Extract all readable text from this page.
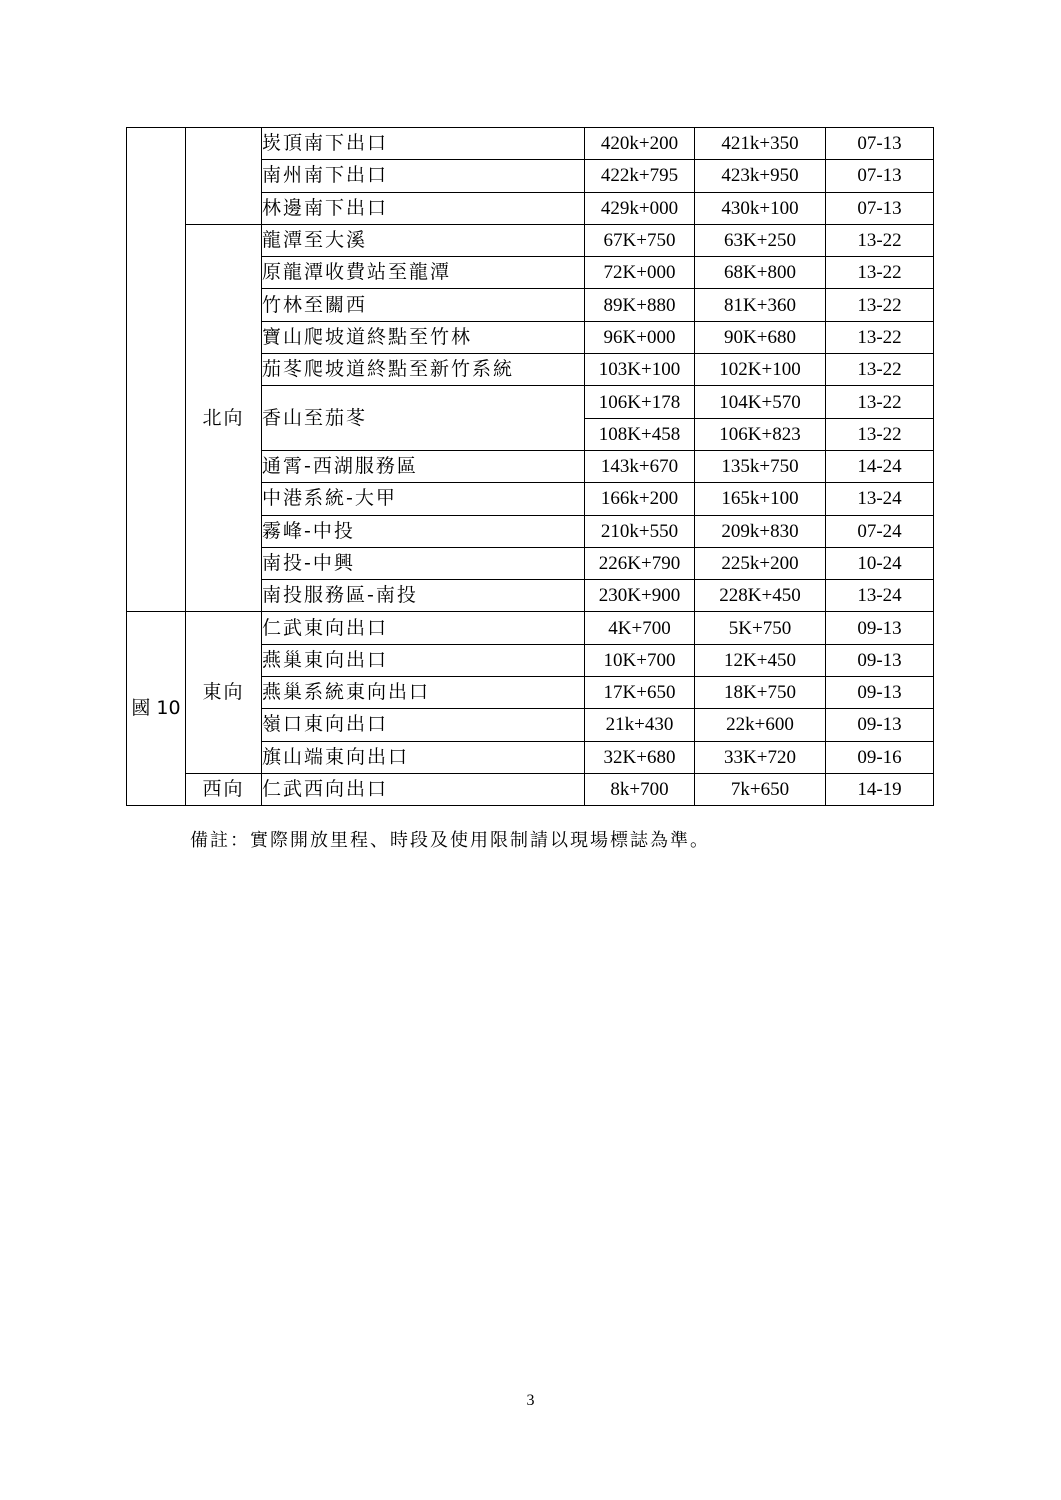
		崁頂南下出口	420k+200	421k+350	07-13
		南州南下出口	422k+795	423k+950	07-13
		林邊南下出口	429k+000	430k+100	07-13
	北向	龍潭至大溪	67K+750	63K+250	13-22
		原龍潭收費站至龍潭	72K+000	68K+800	13-22
		竹林至關西	89K+880	81K+360	13-22
		寶山爬坡道終點至竹林	96K+000	90K+680	13-22
		茄苳爬坡道終點至新竹系統	103K+100	102K+100	13-22
		香山至茄苳	106K+178	104K+570	13-22
			108K+458	106K+823	13-22
		通霄-西湖服務區	143k+670	135k+750	14-24
		中港系統-大甲	166k+200	165k+100	13-24
		霧峰-中投	210k+550	209k+830	07-24
		南投-中興	226K+790	225k+200	10-24
		南投服務區-南投	230K+900	228K+450	13-24
國 10	東向	仁武東向出口	4K+700	5K+750	09-13
		燕巢東向出口	10K+700	12K+450	09-13
		燕巢系統東向出口	17K+650	18K+750	09-13
		嶺口東向出口	21k+430	22k+600	09-13
		旗山端東向出口	32K+680	33K+720	09-16
	西向	仁武西向出口	8k+700	7k+650	14-19
備註：實際開放里程、時段及使用限制請以現場標誌為準。
3
